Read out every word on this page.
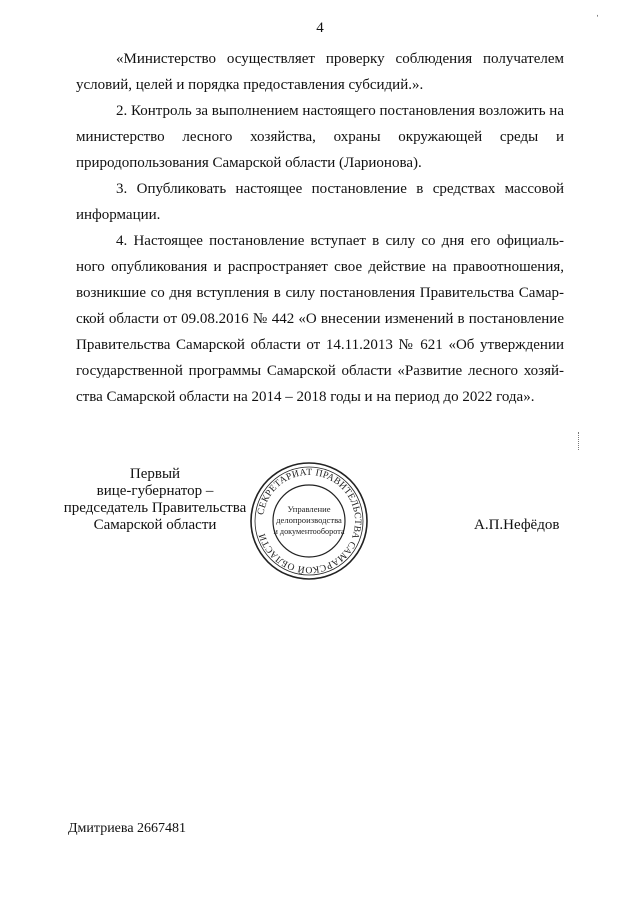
˴
4

«Министерство осуществляет проверку соблюдения получателем условий, целей и порядка предоставления субсидий.».

2. Контроль за выполнением настоящего постановления возложить на министерство лесного хозяйства, охраны окружающей среды и природопользования Самарской области (Ларионова).

3. Опубликовать настоящее постановление в средствах массовой информации.

4. Настоящее постановление вступает в силу со дня его официаль-ного опубликования и распространяет свое действие на правоотношения, возникшие со дня вступления в силу постановления Правительства Самар-ской области от 09.08.2016 № 442 «О внесении изменений в постановление Правительства Самарской области от 14.11.2013 № 621 «Об утверждении государственной программы Самарской области «Развитие лесного хозяй-ства Самарской области на 2014 – 2018 годы и на период до 2022 года».

Первый
вице-губернатор –
председатель Правительства
Самарской области
СЕКРЕТАРИАТ ПРАВИТЕЛЬСТВА САМАРСКОЙ ОБЛАСТИ
Управление
делопроизводства
и документооборота	А.П.Нефёдов
Дмитриева 2667481
